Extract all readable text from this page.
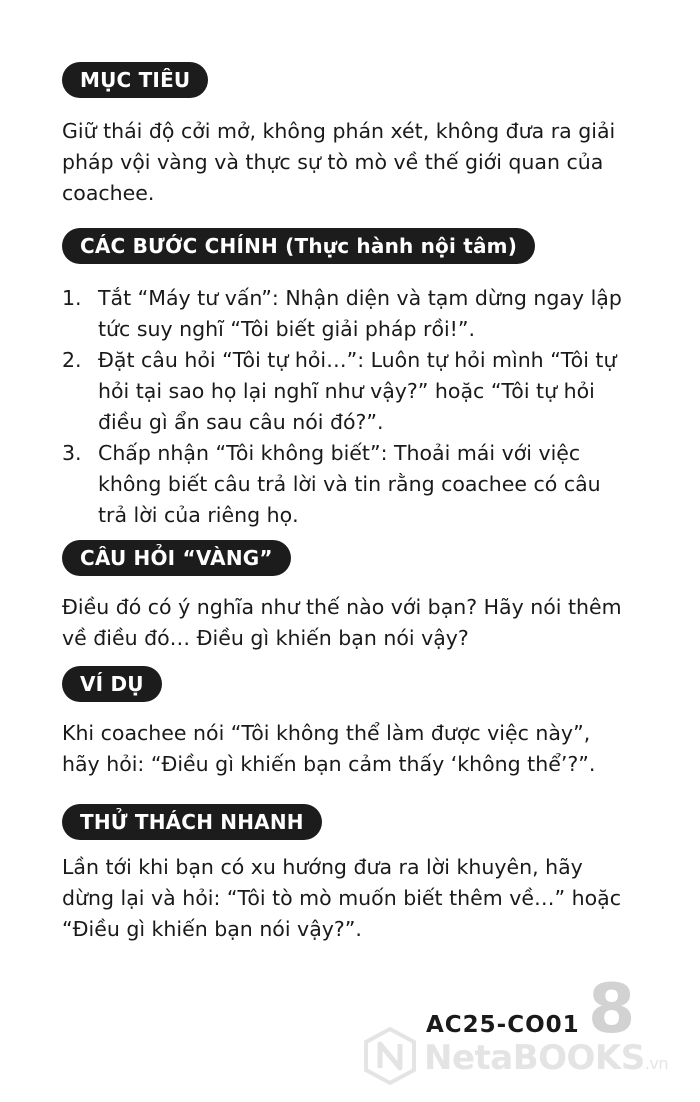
MỤC TIÊU

Giữ thái độ cởi mở, không phán xét, không đưa ra giải

pháp vội vàng và thực sự tò mò về thế giới quan của

coachee.

CÁC BƯỚC CHÍNH (Thực hành nội tâm)
1. Tắt “Máy tư vấn”: Nhận diện và tạm dừng ngay lập

tức suy nghĩ “Tôi biết giải pháp rồi!”.

2. Đặt câu hỏi “Tôi tự hỏi…”: Luôn tự hỏi mình “Tôi tự

hỏi tại sao họ lại nghĩ như vậy?” hoặc “Tôi tự hỏi

điều gì ẩn sau câu nói đó?”.

3. Chấp nhận “Tôi không biết”: Thoải mái với việc

không biết câu trả lời và tin rằng coachee có câu

trả lời của riêng họ.

CÂU HỎI “VÀNG”

Điều đó có ý nghĩa như thế nào với bạn? Hãy nói thêm

về điều đó… Điều gì khiến bạn nói vậy?

VÍ DỤ

Khi coachee nói “Tôi không thể làm được việc này”,

hãy hỏi: “Điều gì khiến bạn cảm thấy ‘không thể’?”.

THỬ THÁCH NHANH

Lần tới khi bạn có xu hướng đưa ra lời khuyên, hãy

dừng lại và hỏi: “Tôi tò mò muốn biết thêm về…” hoặc

“Điều gì khiến bạn nói vậy?”.

8
AC25-CO01
NetaBOOKS.vn
